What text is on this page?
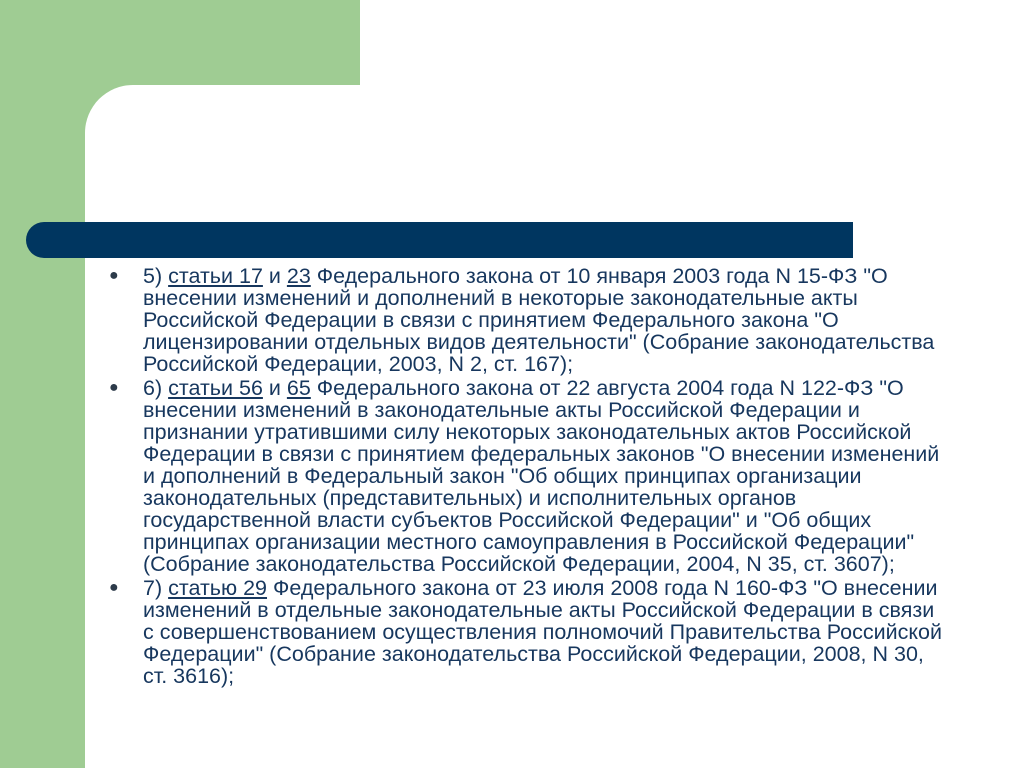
● 5) статьи 17 и 23 Федерального закона от 10 января 2003 года N 15-ФЗ "О внесении изменений и дополнений в некоторые законодательные акты Российской Федерации в связи с принятием Федерального закона "О лицензировании отдельных видов деятельности" (Собрание законодательства Российской Федерации, 2003, N 2, ст. 167);
● 6) статьи 56 и 65 Федерального закона от 22 августа 2004 года N 122-ФЗ "О внесении изменений в законодательные акты Российской Федерации и признании утратившими силу некоторых законодательных актов Российской Федерации в связи с принятием федеральных законов "О внесении изменений и дополнений в Федеральный закон "Об общих принципах организации законодательных (представительных) и исполнительных органов государственной власти субъектов Российской Федерации" и "Об общих принципах организации местного самоуправления в Российской Федерации" (Собрание законодательства Российской Федерации, 2004, N 35, ст. 3607);
● 7) статью 29 Федерального закона от 23 июля 2008 года N 160-ФЗ "О внесении изменений в отдельные законодательные акты Российской Федерации в связи с совершенствованием осуществления полномочий Правительства Российской Федерации" (Собрание законодательства Российской Федерации, 2008, N 30, ст. 3616);
